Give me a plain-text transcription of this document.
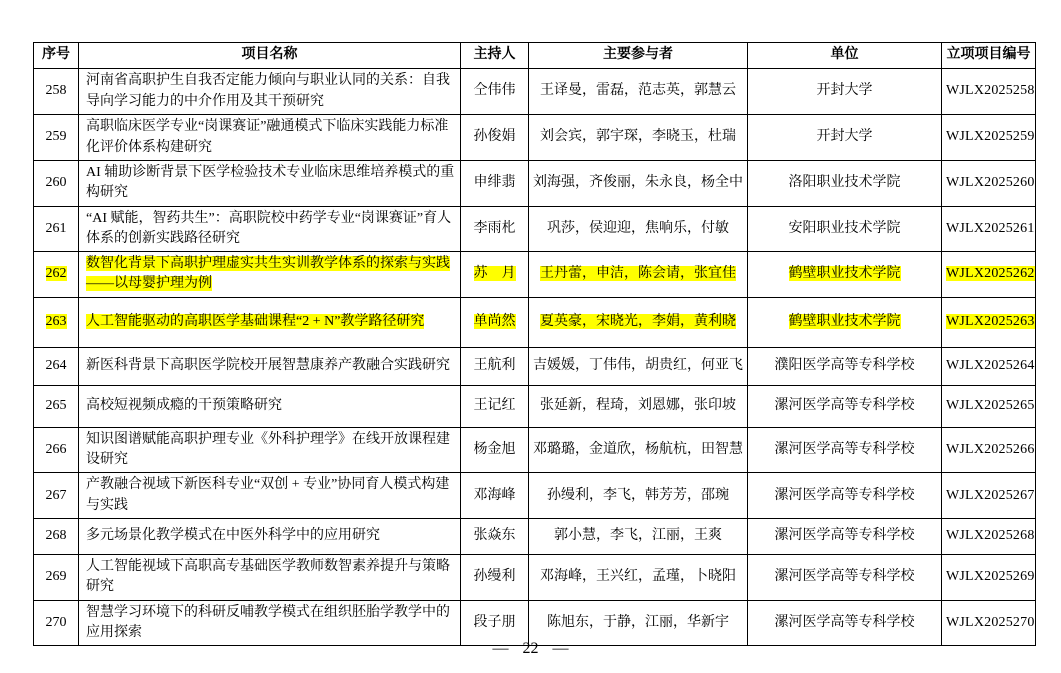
序号	项目名称	主持人	主要参与者	单位	立项项目编号
258	河南省高职护生自我否定能力倾向与职业认同的关系：自我导向学习能力的中介作用及其干预研究	仝伟伟	王译曼，雷磊，范志英，郭慧云	开封大学	WJLX2025258
259	高职临床医学专业“岗课赛证”融通模式下临床实践能力标准化评价体系构建研究	孙俊娟	刘会宾，郭宇琛，李晓玉，杜瑞	开封大学	WJLX2025259
260	AI 辅助诊断背景下医学检验技术专业临床思维培养模式的重构研究	申绯翡	刘海强，齐俊丽，朱永良，杨全中	洛阳职业技术学院	WJLX2025260
261	“AI 赋能，智药共生”：高职院校中药学专业“岗课赛证”育人体系的创新实践路径研究	李雨朼	巩莎，侯迎迎，焦响乐，付敏	安阳职业技术学院	WJLX2025261
262	数智化背景下高职护理虚实共生实训教学体系的探索与实践——以母婴护理为例	苏　月	王丹蕾，申洁，陈会请，张宜佳	鹤壁职业技术学院	WJLX2025262
263	人工智能驱动的高职医学基础课程“2 + N”教学路径研究	单尚然	夏英豪，宋晓光，李娟，黄利晓	鹤壁职业技术学院	WJLX2025263
264	新医科背景下高职医学院校开展智慧康养产教融合实践研究	王航利	吉媛媛，丁伟伟，胡贵红，何亚飞	濮阳医学高等专科学校	WJLX2025264
265	高校短视频成瘾的干预策略研究	王记红	张延新，程琦，刘恩娜，张印坡	漯河医学高等专科学校	WJLX2025265
266	知识图谱赋能高职护理专业《外科护理学》在线开放课程建设研究	杨金旭	邓璐璐，金道欣，杨航杭，田智慧	漯河医学高等专科学校	WJLX2025266
267	产教融合视域下新医科专业“双创 + 专业”协同育人模式构建与实践	邓海峰	孙缦利，李飞，韩芳芳，邵琬	漯河医学高等专科学校	WJLX2025267
268	多元场景化教学模式在中医外科学中的应用研究	张焱东	郭小慧，李飞，江丽，王爽	漯河医学高等专科学校	WJLX2025268
269	人工智能视域下高职高专基础医学教师数智素养提升与策略研究	孙缦利	邓海峰，王兴红，孟瑾，卜晓阳	漯河医学高等专科学校	WJLX2025269
270	智慧学习环境下的科研反哺教学模式在组织胚胎学教学中的应用探索	段子朋	陈旭东，于静，江丽，华新宇	漯河医学高等专科学校	WJLX2025270
— 22 —
